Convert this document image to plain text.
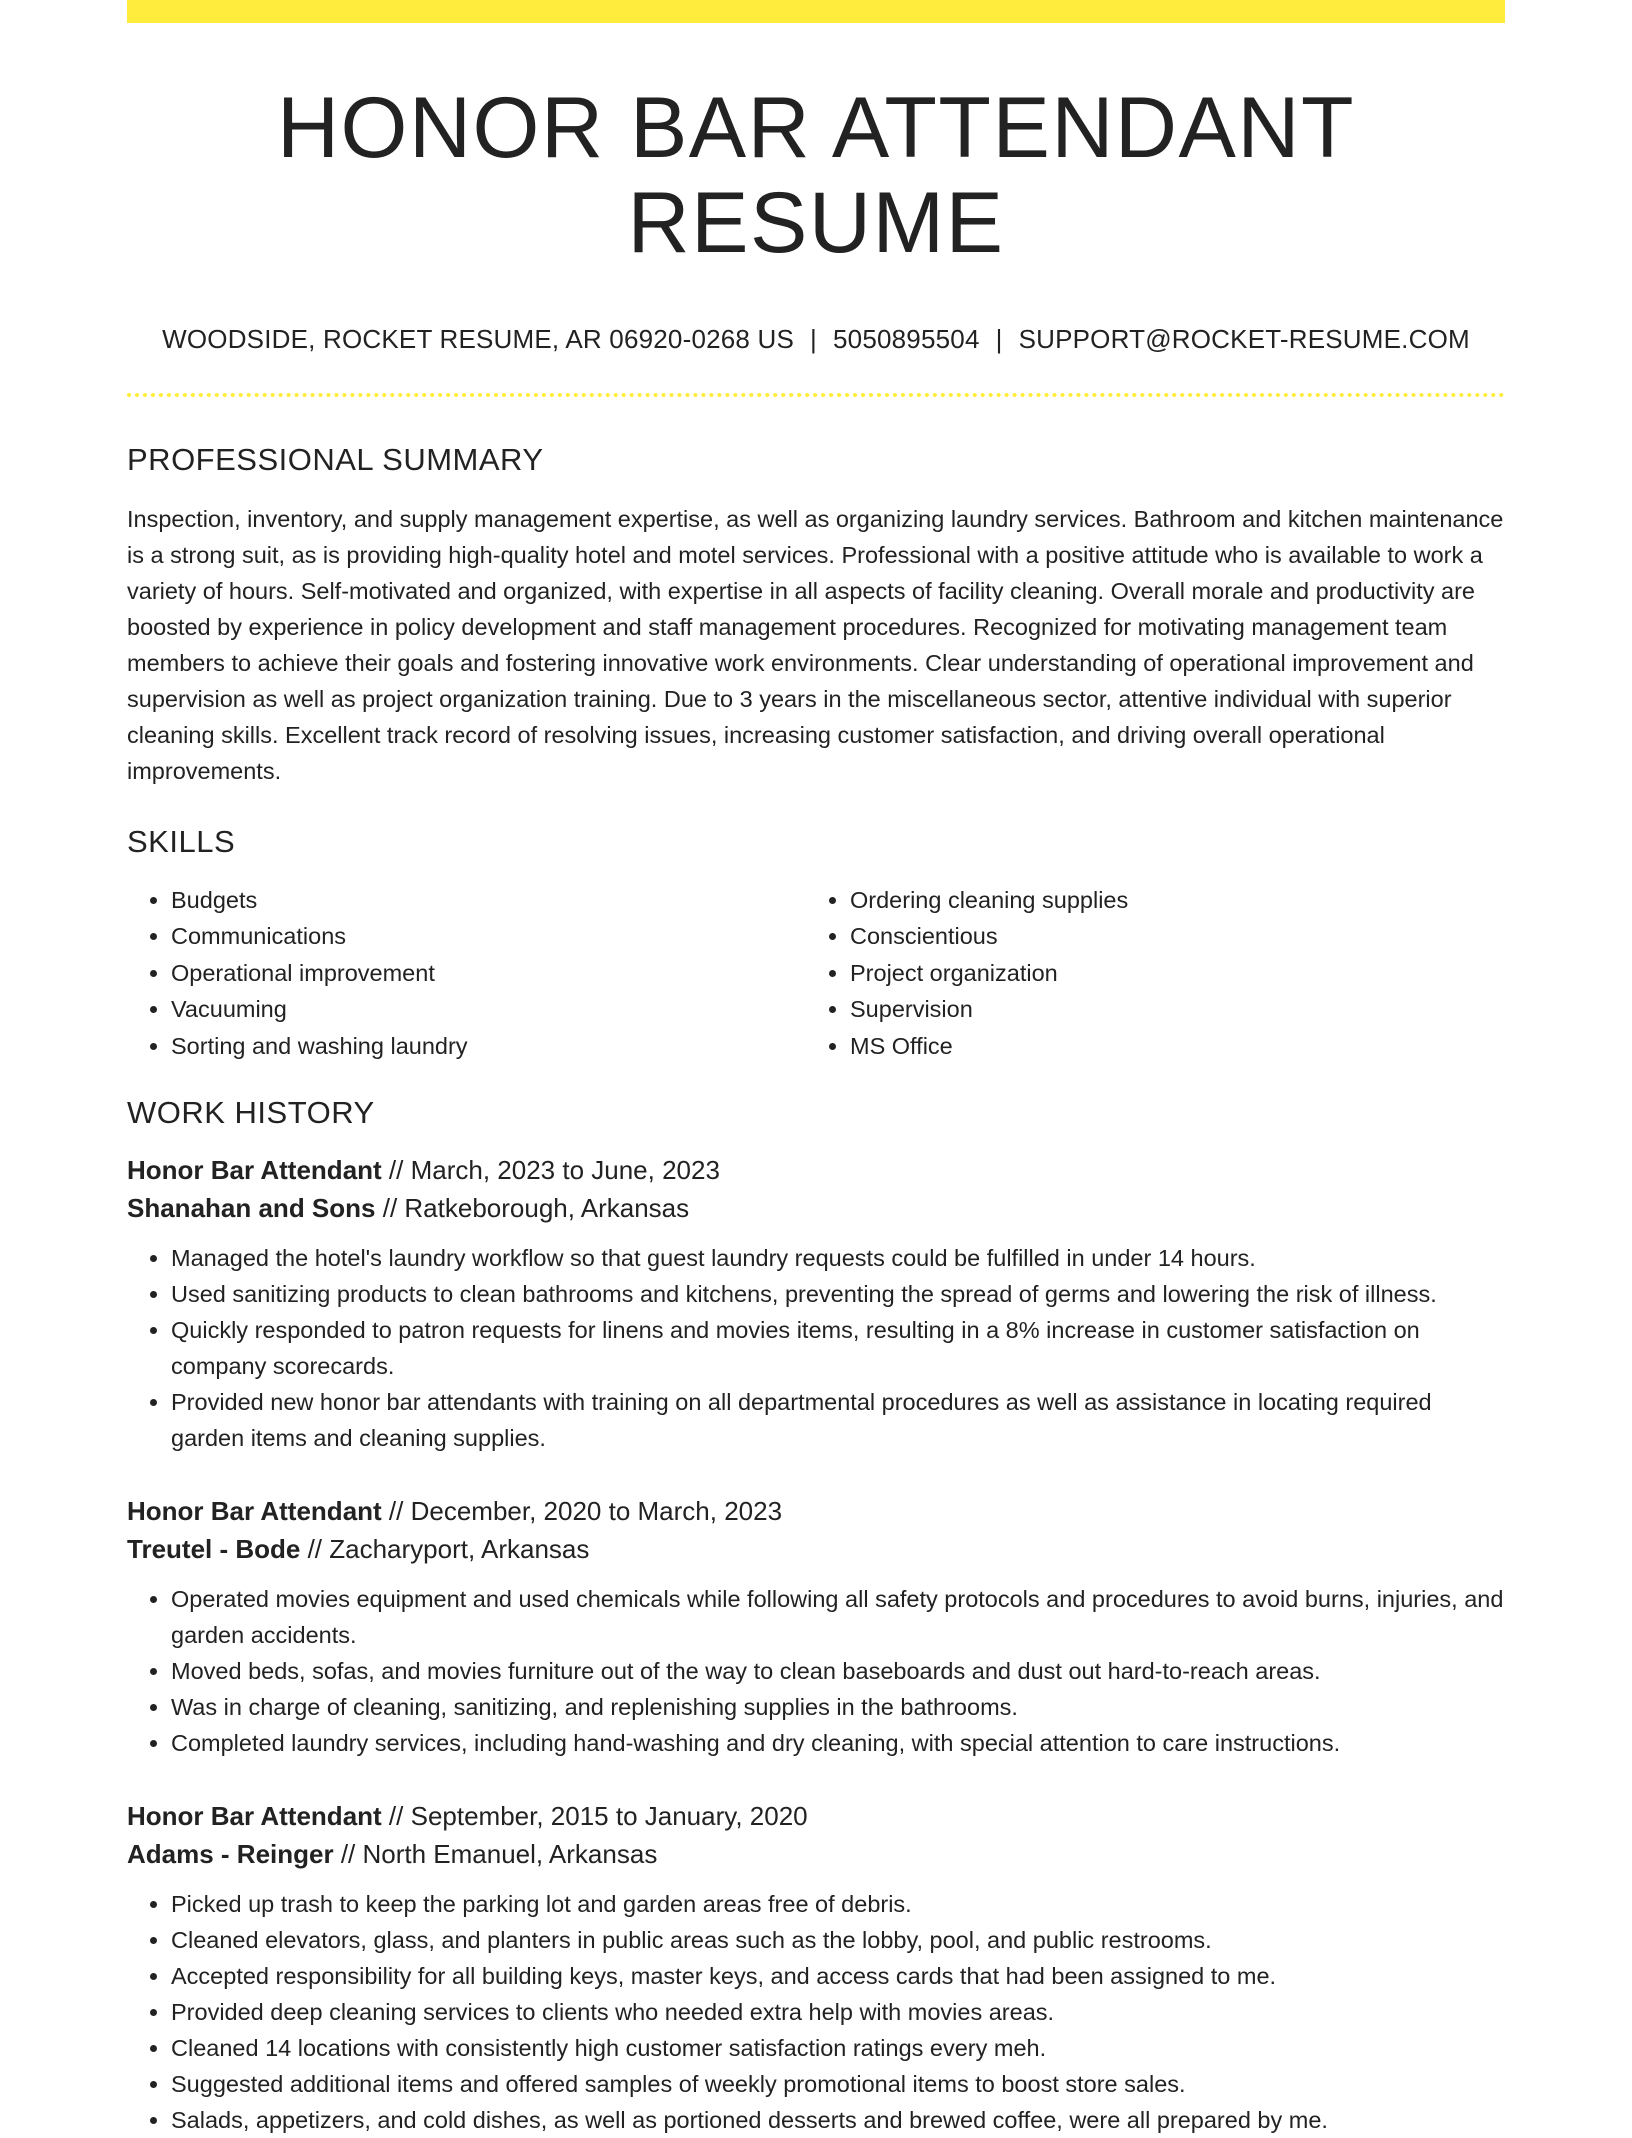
HONOR BAR ATTENDANT RESUME
WOODSIDE, ROCKET RESUME, AR 06920-0268 US | 5050895504 | SUPPORT@ROCKET-RESUME.COM
PROFESSIONAL SUMMARY
Inspection, inventory, and supply management expertise, as well as organizing laundry services. Bathroom and kitchen maintenance is a strong suit, as is providing high-quality hotel and motel services. Professional with a positive attitude who is available to work a variety of hours. Self-motivated and organized, with expertise in all aspects of facility cleaning. Overall morale and productivity are boosted by experience in policy development and staff management procedures. Recognized for motivating management team members to achieve their goals and fostering innovative work environments. Clear understanding of operational improvement and supervision as well as project organization training. Due to 3 years in the miscellaneous sector, attentive individual with superior cleaning skills. Excellent track record of resolving issues, increasing customer satisfaction, and driving overall operational improvements.
SKILLS
• Budgets
• Communications
• Operational improvement
• Vacuuming
• Sorting and washing laundry
• Ordering cleaning supplies
• Conscientious
• Project organization
• Supervision
• MS Office
WORK HISTORY
Honor Bar Attendant // March, 2023 to June, 2023
Shanahan and Sons // Ratkeborough, Arkansas
• Managed the hotel's laundry workflow so that guest laundry requests could be fulfilled in under 14 hours.
• Used sanitizing products to clean bathrooms and kitchens, preventing the spread of germs and lowering the risk of illness.
• Quickly responded to patron requests for linens and movies items, resulting in a 8% increase in customer satisfaction on company scorecards.
• Provided new honor bar attendants with training on all departmental procedures as well as assistance in locating required garden items and cleaning supplies.
Honor Bar Attendant // December, 2020 to March, 2023
Treutel - Bode // Zacharyport, Arkansas
• Operated movies equipment and used chemicals while following all safety protocols and procedures to avoid burns, injuries, and garden accidents.
• Moved beds, sofas, and movies furniture out of the way to clean baseboards and dust out hard-to-reach areas.
• Was in charge of cleaning, sanitizing, and replenishing supplies in the bathrooms.
• Completed laundry services, including hand-washing and dry cleaning, with special attention to care instructions.
Honor Bar Attendant // September, 2015 to January, 2020
Adams - Reinger // North Emanuel, Arkansas
• Picked up trash to keep the parking lot and garden areas free of debris.
• Cleaned elevators, glass, and planters in public areas such as the lobby, pool, and public restrooms.
• Accepted responsibility for all building keys, master keys, and access cards that had been assigned to me.
• Provided deep cleaning services to clients who needed extra help with movies areas.
• Cleaned 14 locations with consistently high customer satisfaction ratings every meh.
• Suggested additional items and offered samples of weekly promotional items to boost store sales.
• Salads, appetizers, and cold dishes, as well as portioned desserts and brewed coffee, were all prepared by me.
